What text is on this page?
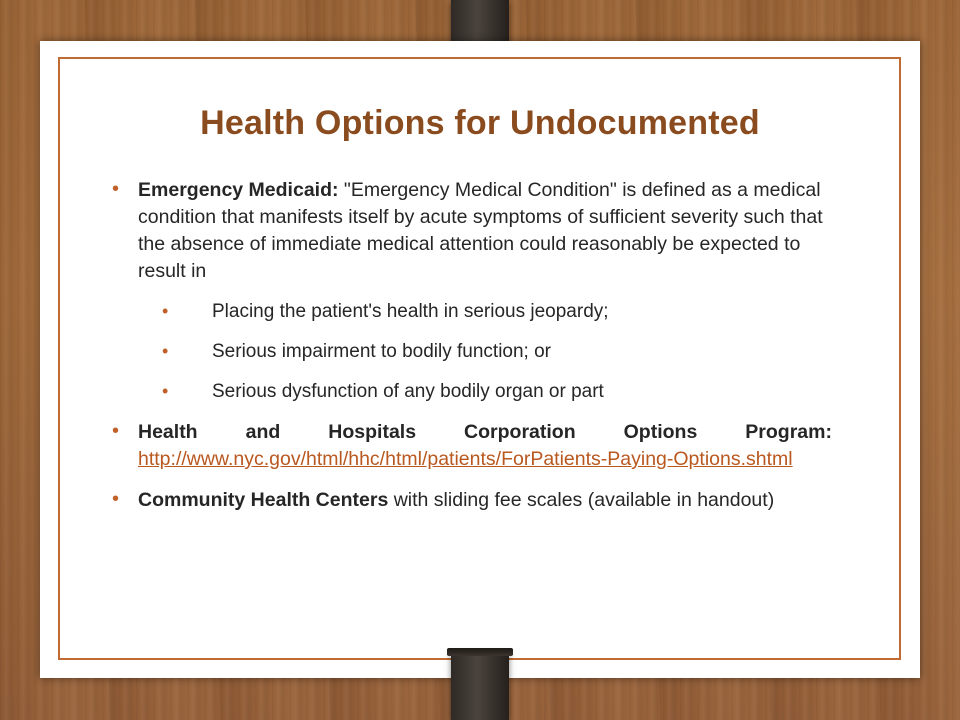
Health Options for Undocumented
• Emergency Medicaid: "Emergency Medical Condition" is defined as a medical condition that manifests itself by acute symptoms of sufficient severity such that the absence of immediate medical attention could reasonably be expected to result in
• Placing the patient's health in serious jeopardy;
• Serious impairment to bodily function; or
• Serious dysfunction of any bodily organ or part
• Health and Hospitals Corporation Options Program: http://www.nyc.gov/html/hhc/html/patients/ForPatients-Paying-Options.shtml
• Community Health Centers with sliding fee scales (available in handout)
